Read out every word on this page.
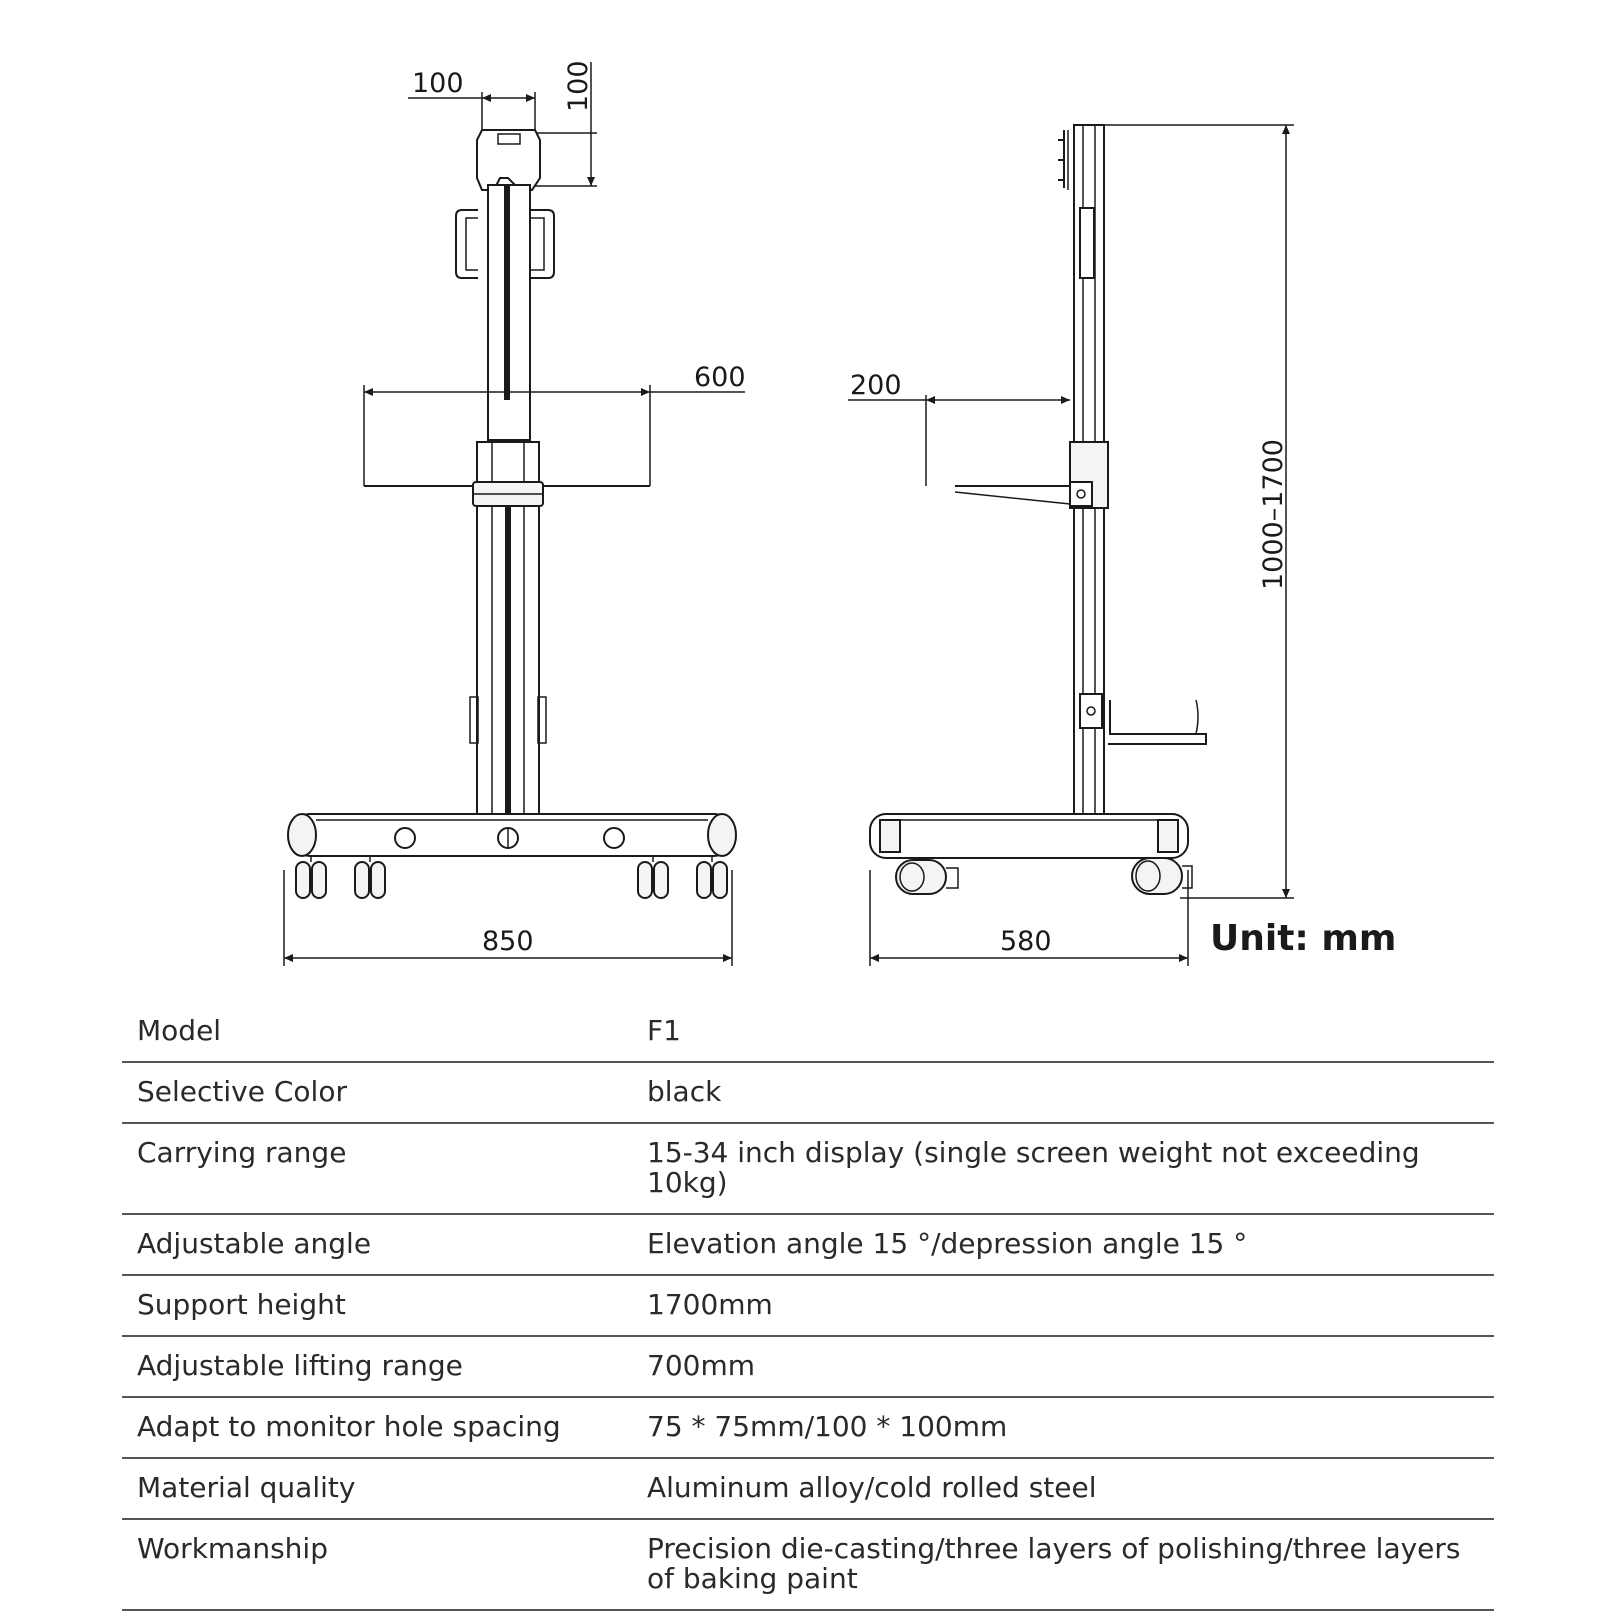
100	100
600
850
200
1000–1700
580	Unit: mm
Model	F1
Selective Color	black
Carrying range	15-34 inch display (single screen weight not exceeding 10kg)
Adjustable angle	Elevation angle 15 °/depression angle 15 °
Support height	1700mm
Adjustable lifting range	700mm
Adapt to monitor hole spacing	75 * 75mm/100 * 100mm
Material quality	Aluminum alloy/cold rolled steel
Workmanship	Precision die-casting/three layers of polishing/three layers of baking paint
